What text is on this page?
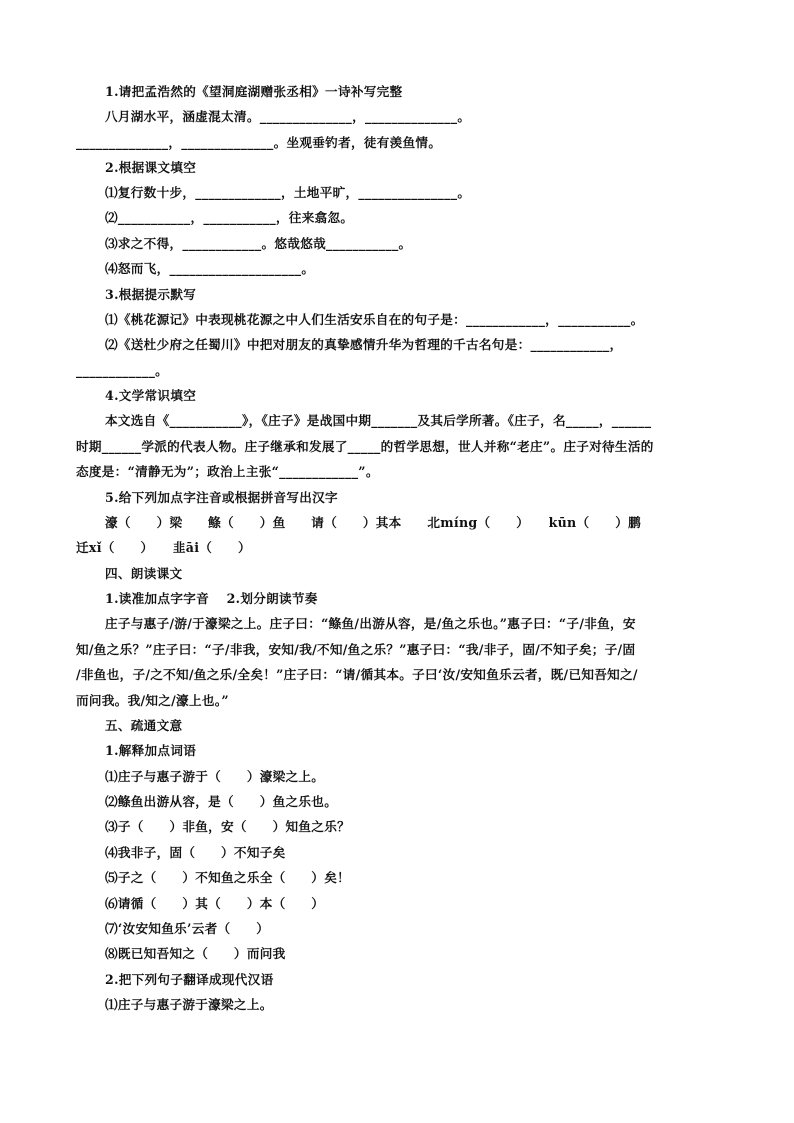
1.请把孟浩然的《望洞庭湖赠张丞相》一诗补写完整
八月湖水平，涵虚混太清。______________，______________。
______________，______________。坐观垂钓者，徒有羡鱼情。
2.根据课文填空
⑴复行数十步，_____________，土地平旷，_______________。
⑵___________，___________，往来翕忽。
⑶求之不得，____________。悠哉悠哉___________。
⑷怒而飞，____________________。
3.根据提示默写
⑴《桃花源记》中表现桃花源之中人们生活安乐自在的句子是：____________，___________。
⑵《送杜少府之任蜀川》中把对朋友的真挚感情升华为哲理的千古名句是：____________，
____________。
4.文学常识填空
本文选自《___________》，《庄子》是战国中期_______及其后学所著。《庄子，名_____，______
时期______学派的代表人物。庄子继承和发展了_____的哲学思想，世人并称“老庄”。庄子对待生活的
态度是：“清静无为”；政治上主张“____________”。
5.给下列加点字注音或根据拼音写出汉字
濠（　　）梁　　鲦（　　）鱼　　请（　　）其本　　北míng（　　）　　kūn（　　）鹏
迁xǐ（　　）　　韭āi（　　）
四、朗读课文
1.读准加点字字音　 2.划分朗读节奏
庄子与惠子/游/于濠梁之上。庄子曰：“鲦鱼/出游从容，是/鱼之乐也。”惠子曰：“子/非鱼，安
知/鱼之乐？”庄子曰：“子/非我，安知/我/不知/鱼之乐？”惠子曰：“我/非子，固/不知子矣；子/固
/非鱼也，子/之不知/鱼之乐/全矣！”庄子曰：“请/循其本。子曰‘汝/安知鱼乐云者，既/已知吾知之/
而问我。我/知之/濠上也。”
五、疏通文意
1.解释加点词语
⑴庄子与惠子游于（　　）濠梁之上。
⑵鲦鱼出游从容，是（　　）鱼之乐也。
⑶子（　　）非鱼，安（　　）知鱼之乐？
⑷我非子，固（　　）不知子矣
⑸子之（　　）不知鱼之乐全（　　）矣！
⑹请循（　　）其（　　）本（　　）
⑺‘汝安知鱼乐’云者（　　）
⑻既已知吾知之（　　）而问我
2.把下列句子翻译成现代汉语
⑴庄子与惠子游于濠梁之上。
